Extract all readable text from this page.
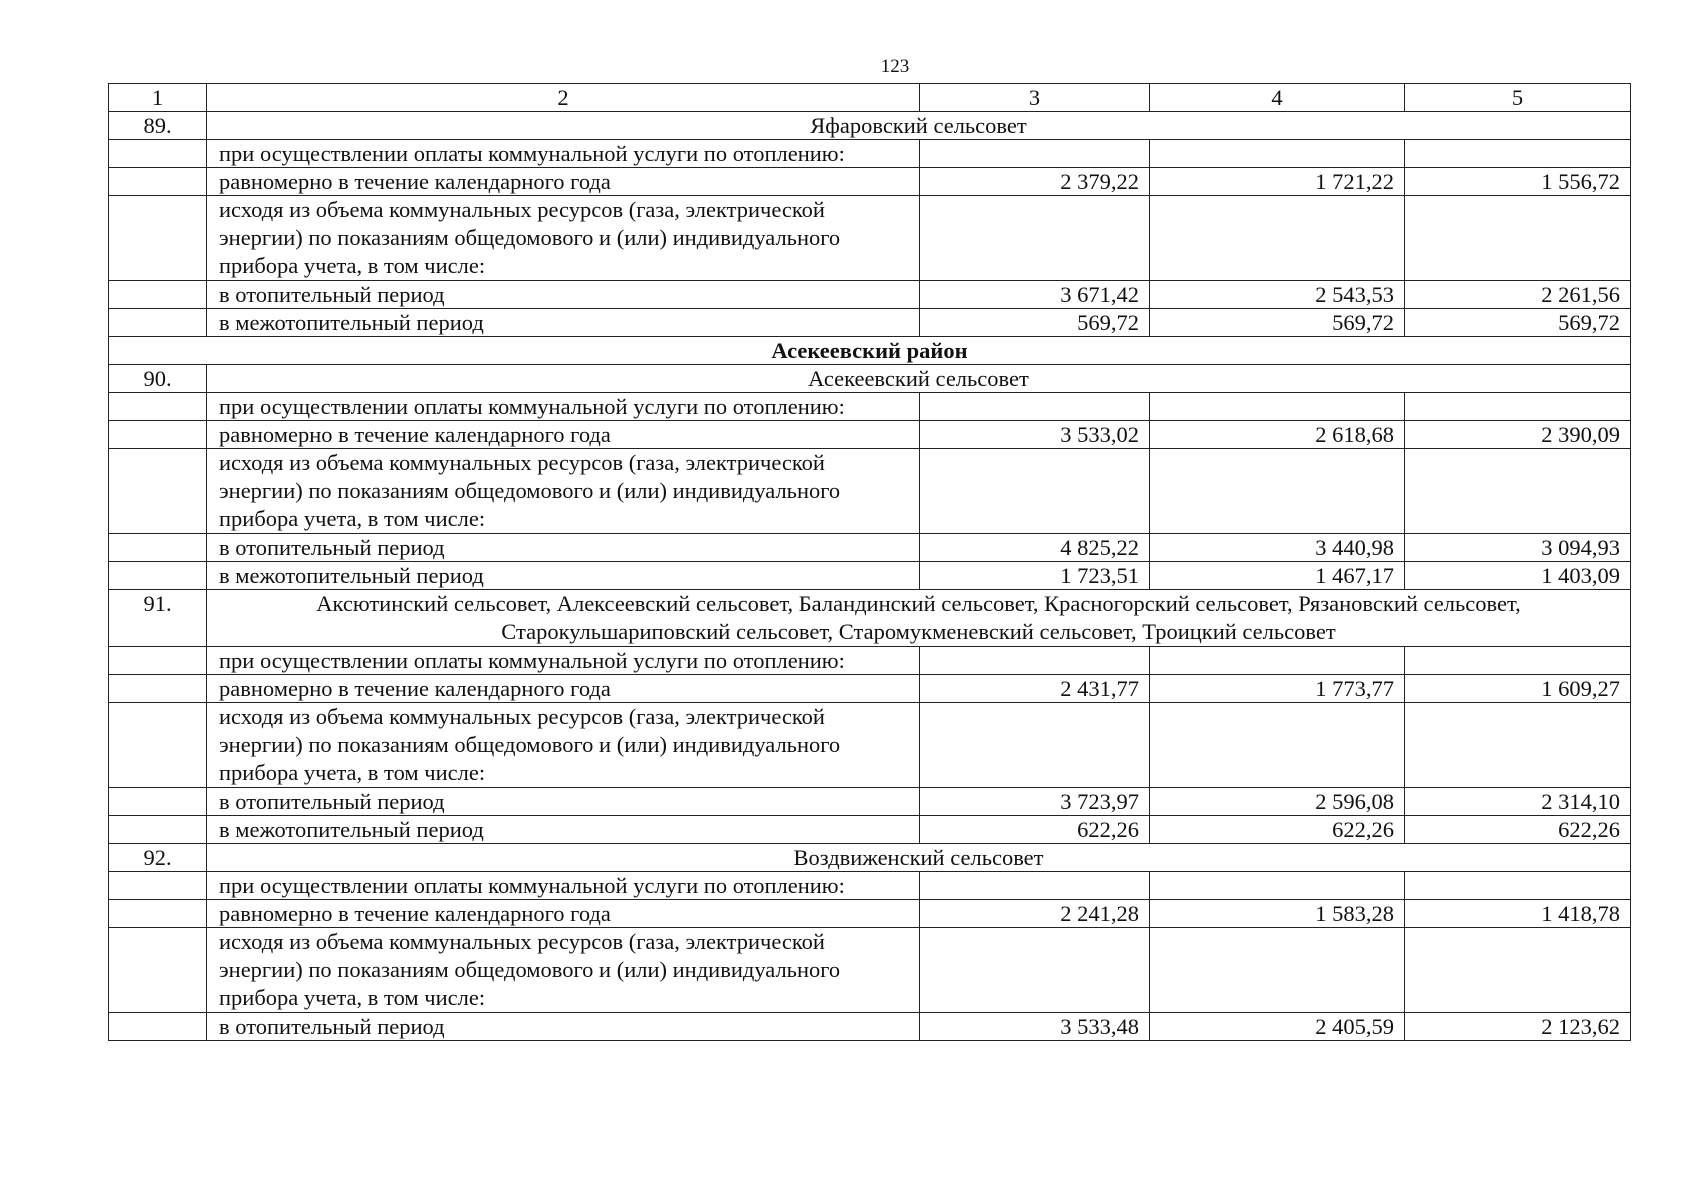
123
1	2	3	4	5
89.	Яфаровский сельсовет			
	при осуществлении оплаты коммунальной услуги по отоплению:			
	равномерно в течение календарного года	2 379,22	1 721,22	1 556,72
	исходя из объема коммунальных ресурсов (газа, электрической энергии) по показаниям общедомового и (или) индивидуального прибора учета, в том числе:			
	в отопительный период	3 671,42	2 543,53	2 261,56
	в межотопительный период	569,72	569,72	569,72
Асекеевский район				
90.	Асекеевский сельсовет			
	при осуществлении оплаты коммунальной услуги по отоплению:			
	равномерно в течение календарного года	3 533,02	2 618,68	2 390,09
	исходя из объема коммунальных ресурсов (газа, электрической энергии) по показаниям общедомового и (или) индивидуального прибора учета, в том числе:			
	в отопительный период	4 825,22	3 440,98	3 094,93
	в межотопительный период	1 723,51	1 467,17	1 403,09
91.	Аксютинский сельсовет, Алексеевский сельсовет, Баландинский сельсовет, Красногорский сельсовет, Рязановский сельсовет, Старокульшариповский сельсовет, Старомукменевский сельсовет, Троицкий сельсовет			
	при осуществлении оплаты коммунальной услуги по отоплению:			
	равномерно в течение календарного года	2 431,77	1 773,77	1 609,27
	исходя из объема коммунальных ресурсов (газа, электрической энергии) по показаниям общедомового и (или) индивидуального прибора учета, в том числе:			
	в отопительный период	3 723,97	2 596,08	2 314,10
	в межотопительный период	622,26	622,26	622,26
92.	Воздвиженский сельсовет			
	при осуществлении оплаты коммунальной услуги по отоплению:			
	равномерно в течение календарного года	2 241,28	1 583,28	1 418,78
	исходя из объема коммунальных ресурсов (газа, электрической энергии) по показаниям общедомового и (или) индивидуального прибора учета, в том числе:			
	в отопительный период	3 533,48	2 405,59	2 123,62
